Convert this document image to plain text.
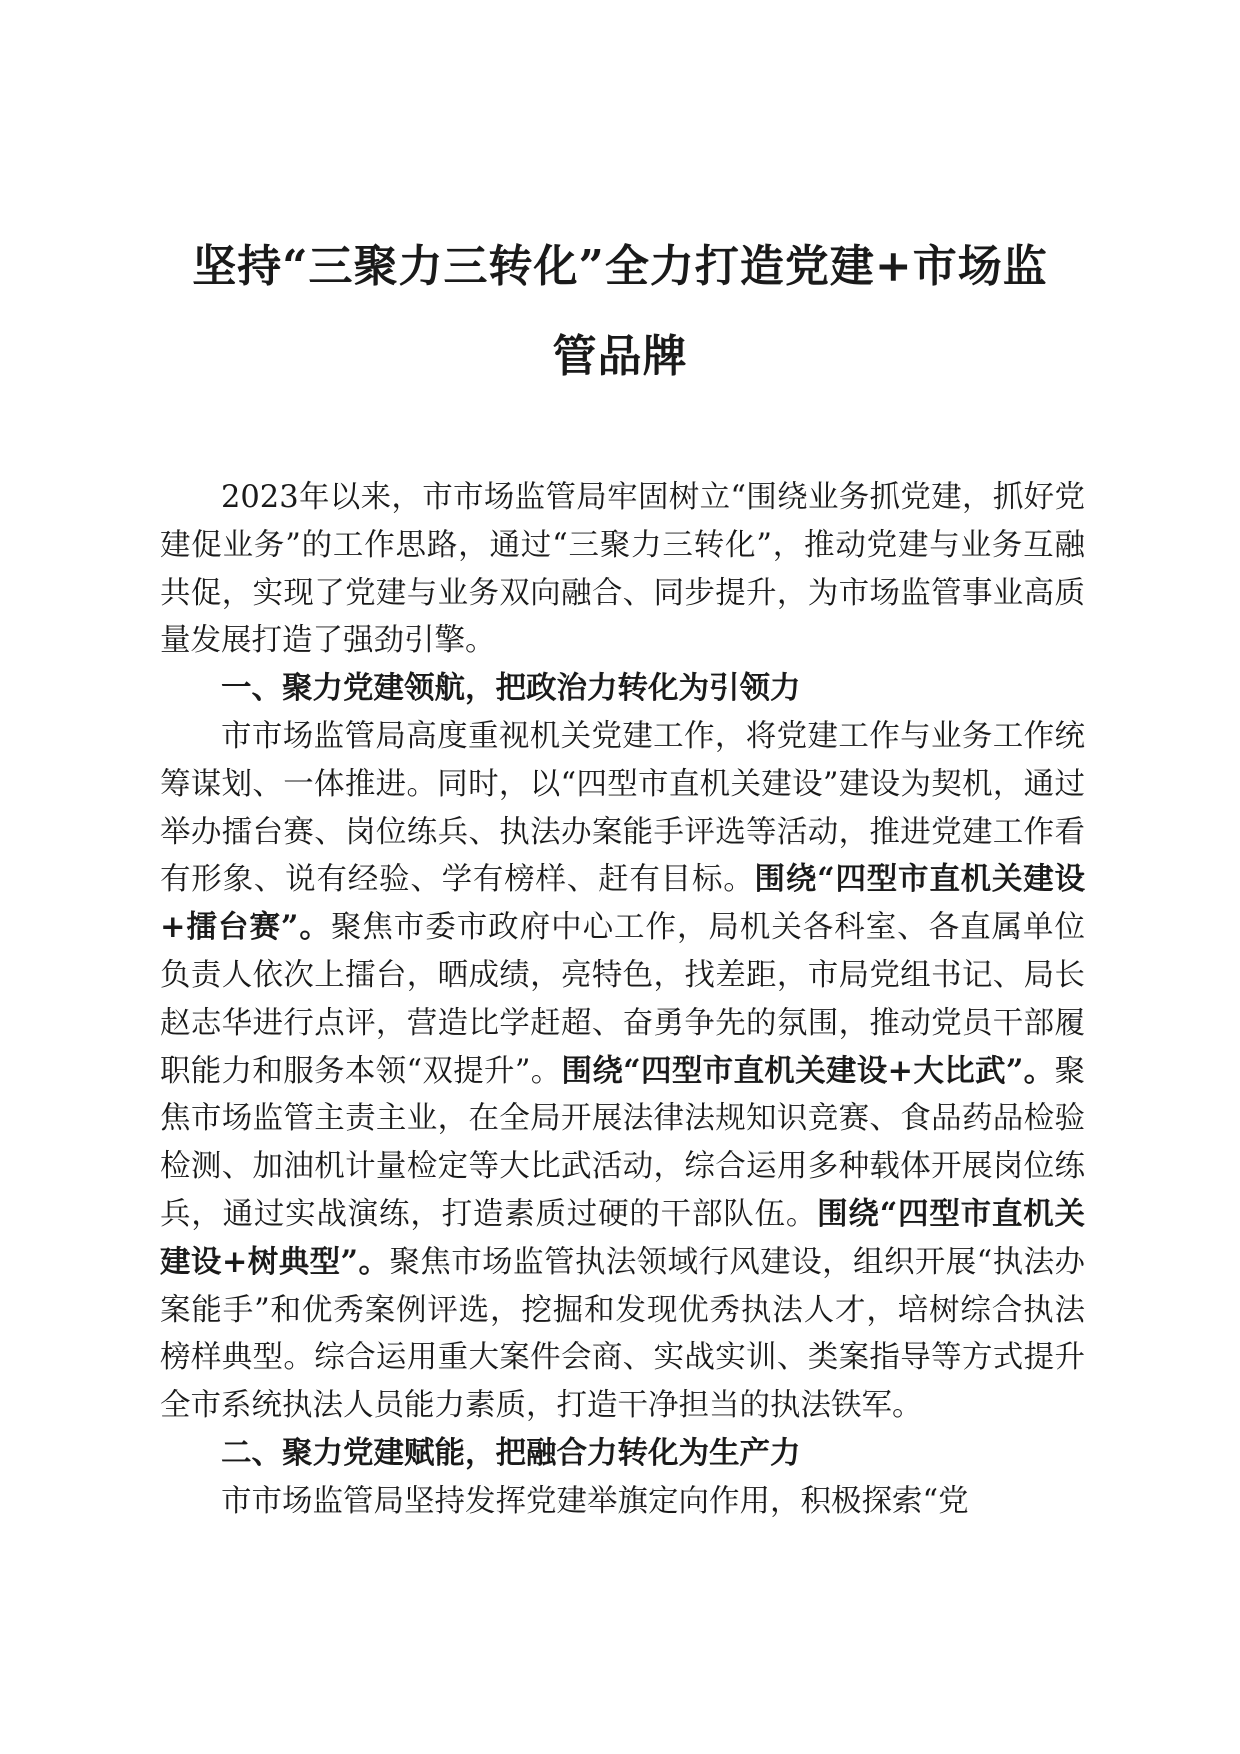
坚持“三聚力三转化”全力打造党建+市场监
管品牌

2023年以来，市市场监管局牢固树立“围绕业务抓党建，抓好党建促业务”的工作思路，通过“三聚力三转化”，推动党建与业务互融共促，实现了党建与业务双向融合、同步提升，为市场监管事业高质量发展打造了强劲引擎。

一、聚力党建领航，把政治力转化为引领力

市市场监管局高度重视机关党建工作，将党建工作与业务工作统筹谋划、一体推进。同时，以“四型市直机关建设”建设为契机，通过举办擂台赛、岗位练兵、执法办案能手评选等活动，推进党建工作看有形象、说有经验、学有榜样、赶有目标。围绕“四型市直机关建设+擂台赛”。聚焦市委市政府中心工作，局机关各科室、各直属单位负责人依次上擂台，晒成绩，亮特色，找差距，市局党组书记、局长赵志华进行点评，营造比学赶超、奋勇争先的氛围，推动党员干部履职能力和服务本领“双提升”。围绕“四型市直机关建设+大比武”。聚焦市场监管主责主业，在全局开展法律法规知识竞赛、食品药品检验检测、加油机计量检定等大比武活动，综合运用多种载体开展岗位练兵，通过实战演练，打造素质过硬的干部队伍。围绕“四型市直机关建设+树典型”。聚焦市场监管执法领域行风建设，组织开展“执法办案能手”和优秀案例评选，挖掘和发现优秀执法人才，培树综合执法榜样典型。综合运用重大案件会商、实战实训、类案指导等方式提升全市系统执法人员能力素质，打造干净担当的执法铁军。

二、聚力党建赋能，把融合力转化为生产力

市市场监管局坚持发挥党建举旗定向作用，积极探索“党
